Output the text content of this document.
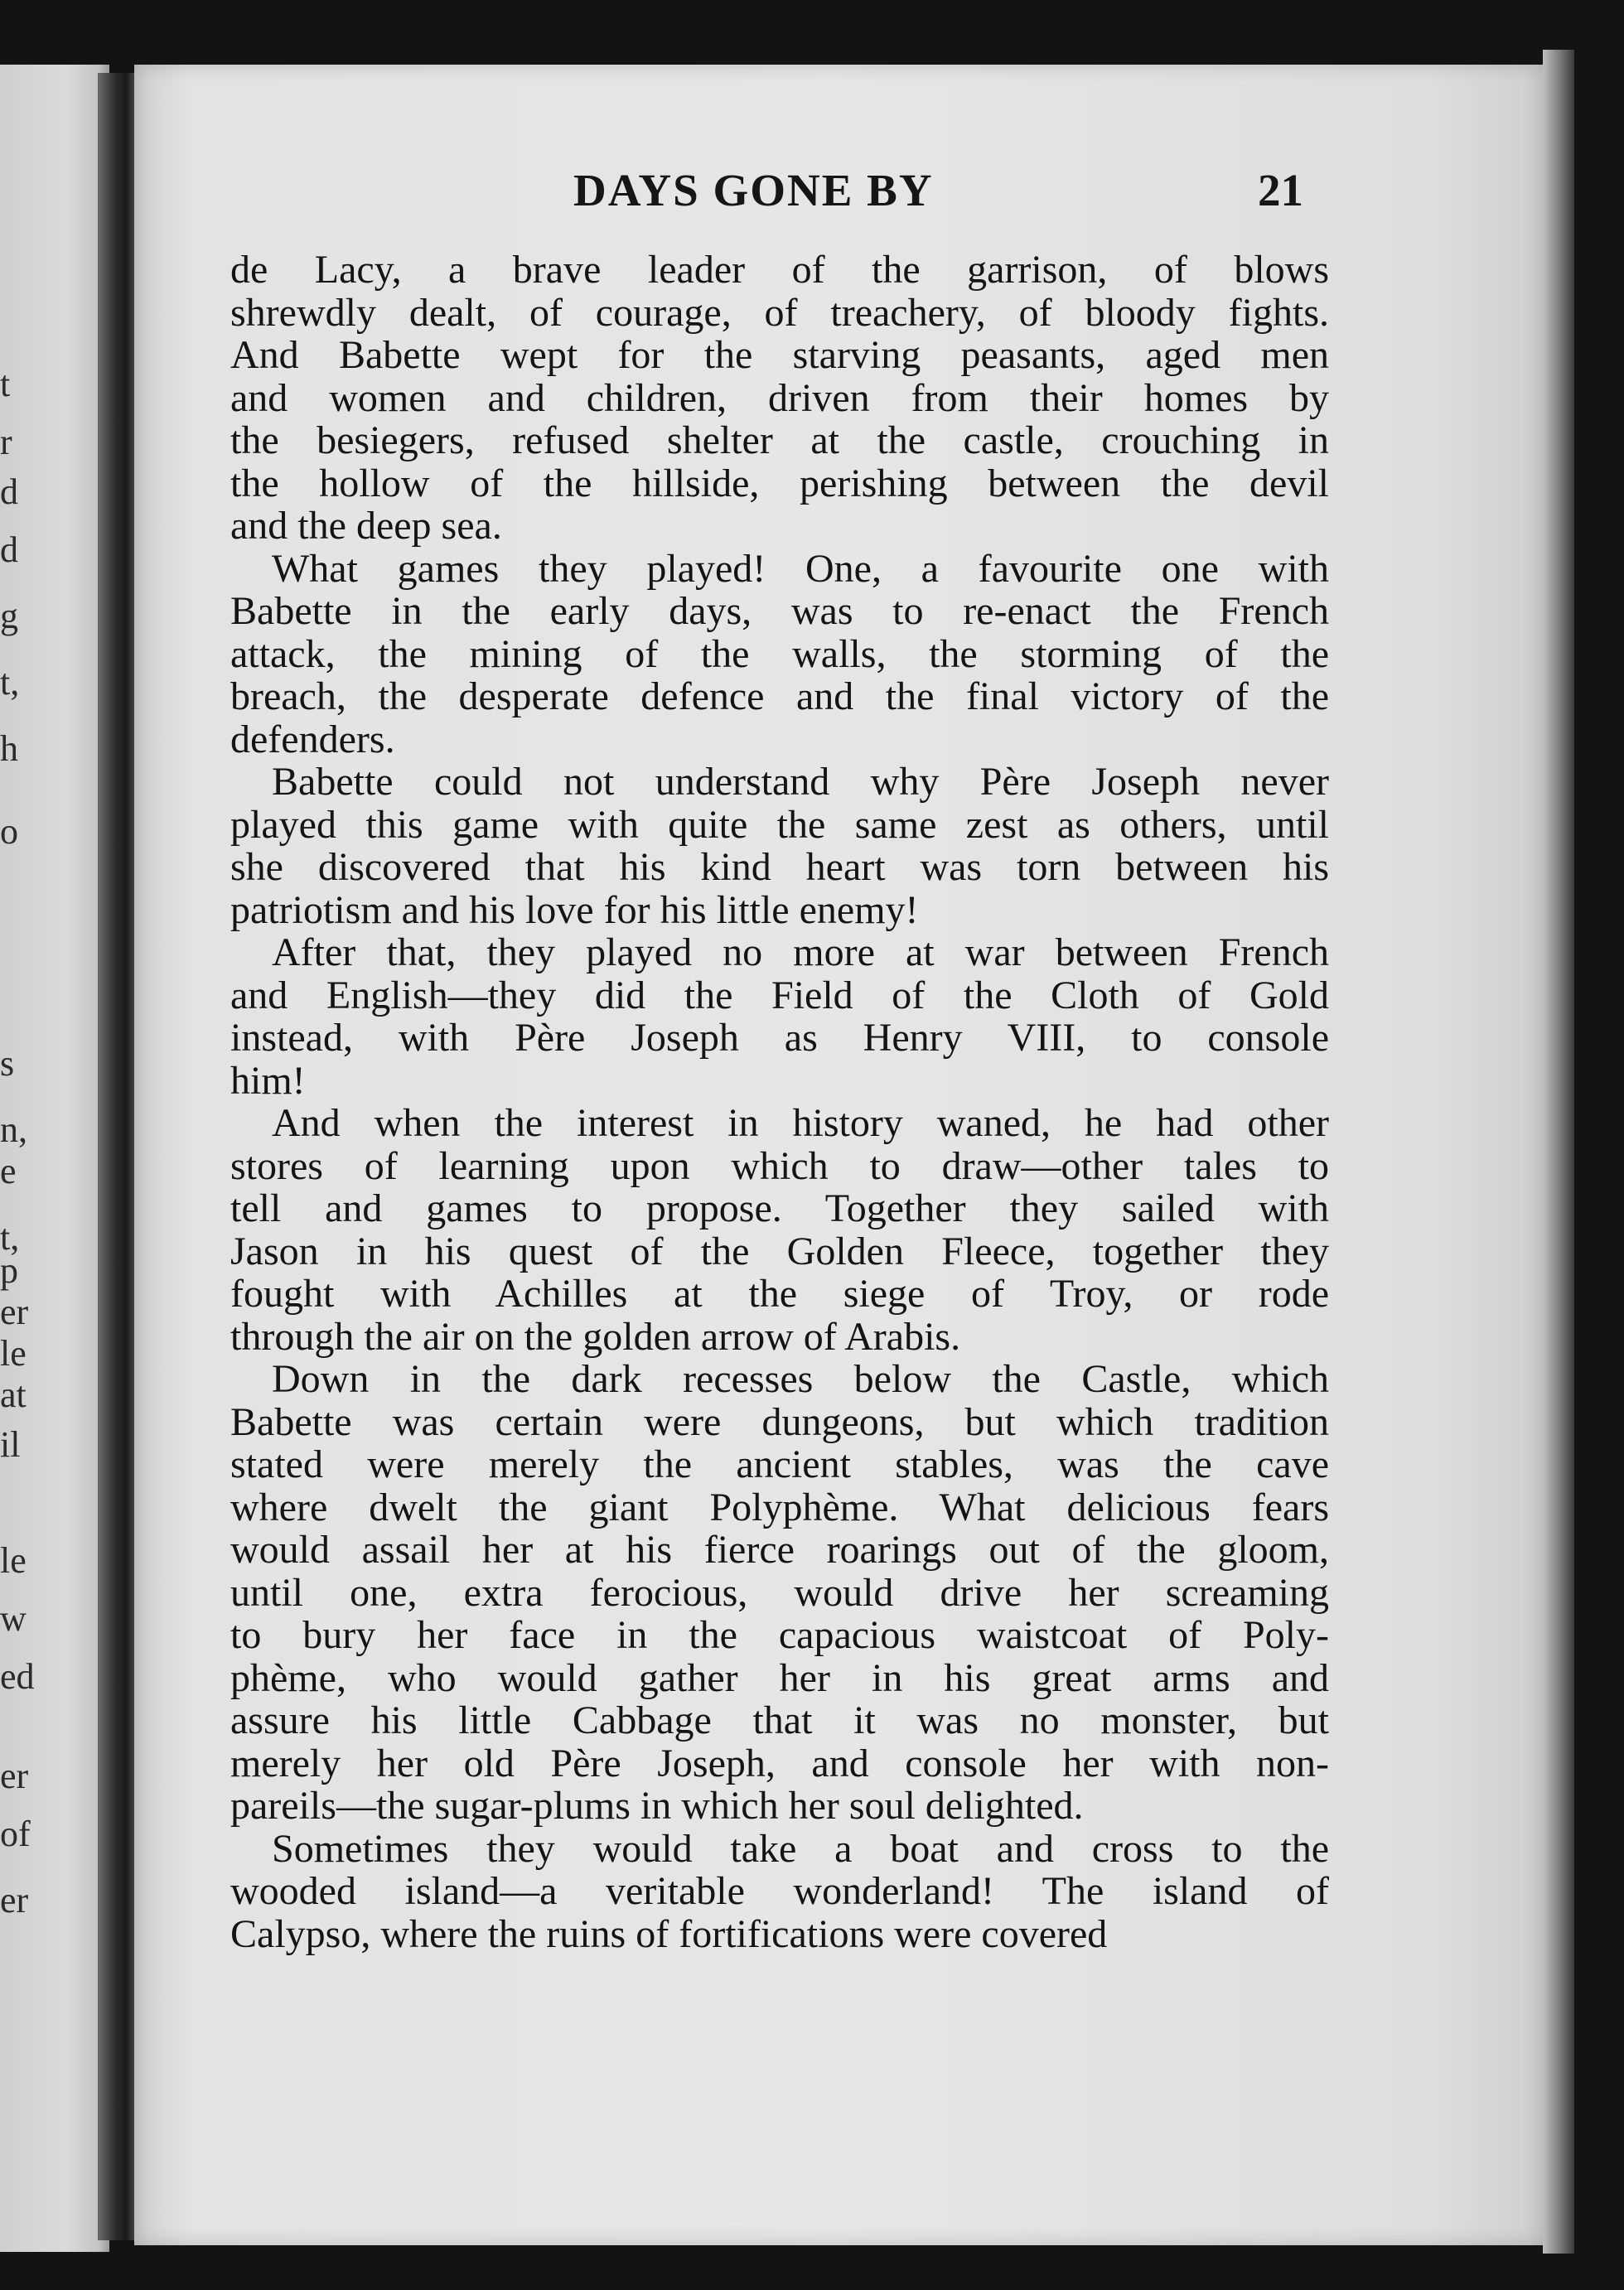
t
r
d
d
g
t,
h
o
s
n,
e
t,
p
er
le
at
il
le
w
ed
er
of
er
DAYS GONE BY	21
de Lacy, a brave leader of the garrison, of blows
shrewdly dealt, of courage, of treachery, of bloody fights.
And Babette wept for the starving peasants, aged men
and women and children, driven from their homes by
the besiegers, refused shelter at the castle, crouching in
the hollow of the hillside, perishing between the devil
and the deep sea.
What games they played! One, a favourite one with
Babette in the early days, was to re-enact the French
attack, the mining of the walls, the storming of the
breach, the desperate defence and the final victory of the
defenders.
Babette could not understand why Père Joseph never
played this game with quite the same zest as others, until
she discovered that his kind heart was torn between his
patriotism and his love for his little enemy!
After that, they played no more at war between French
and English—they did the Field of the Cloth of Gold
instead, with Père Joseph as Henry VIII, to console
him!
And when the interest in history waned, he had other
stores of learning upon which to draw—other tales to
tell and games to propose. Together they sailed with
Jason in his quest of the Golden Fleece, together they
fought with Achilles at the siege of Troy, or rode
through the air on the golden arrow of Arabis.
Down in the dark recesses below the Castle, which
Babette was certain were dungeons, but which tradition
stated were merely the ancient stables, was the cave
where dwelt the giant Polyphème. What delicious fears
would assail her at his fierce roarings out of the gloom,
until one, extra ferocious, would drive her screaming
to bury her face in the capacious waistcoat of Poly-
phème, who would gather her in his great arms and
assure his little Cabbage that it was no monster, but
merely her old Père Joseph, and console her with non-
pareils—the sugar-plums in which her soul delighted.
Sometimes they would take a boat and cross to the
wooded island—a veritable wonderland! The island of
Calypso, where the ruins of fortifications were covered
